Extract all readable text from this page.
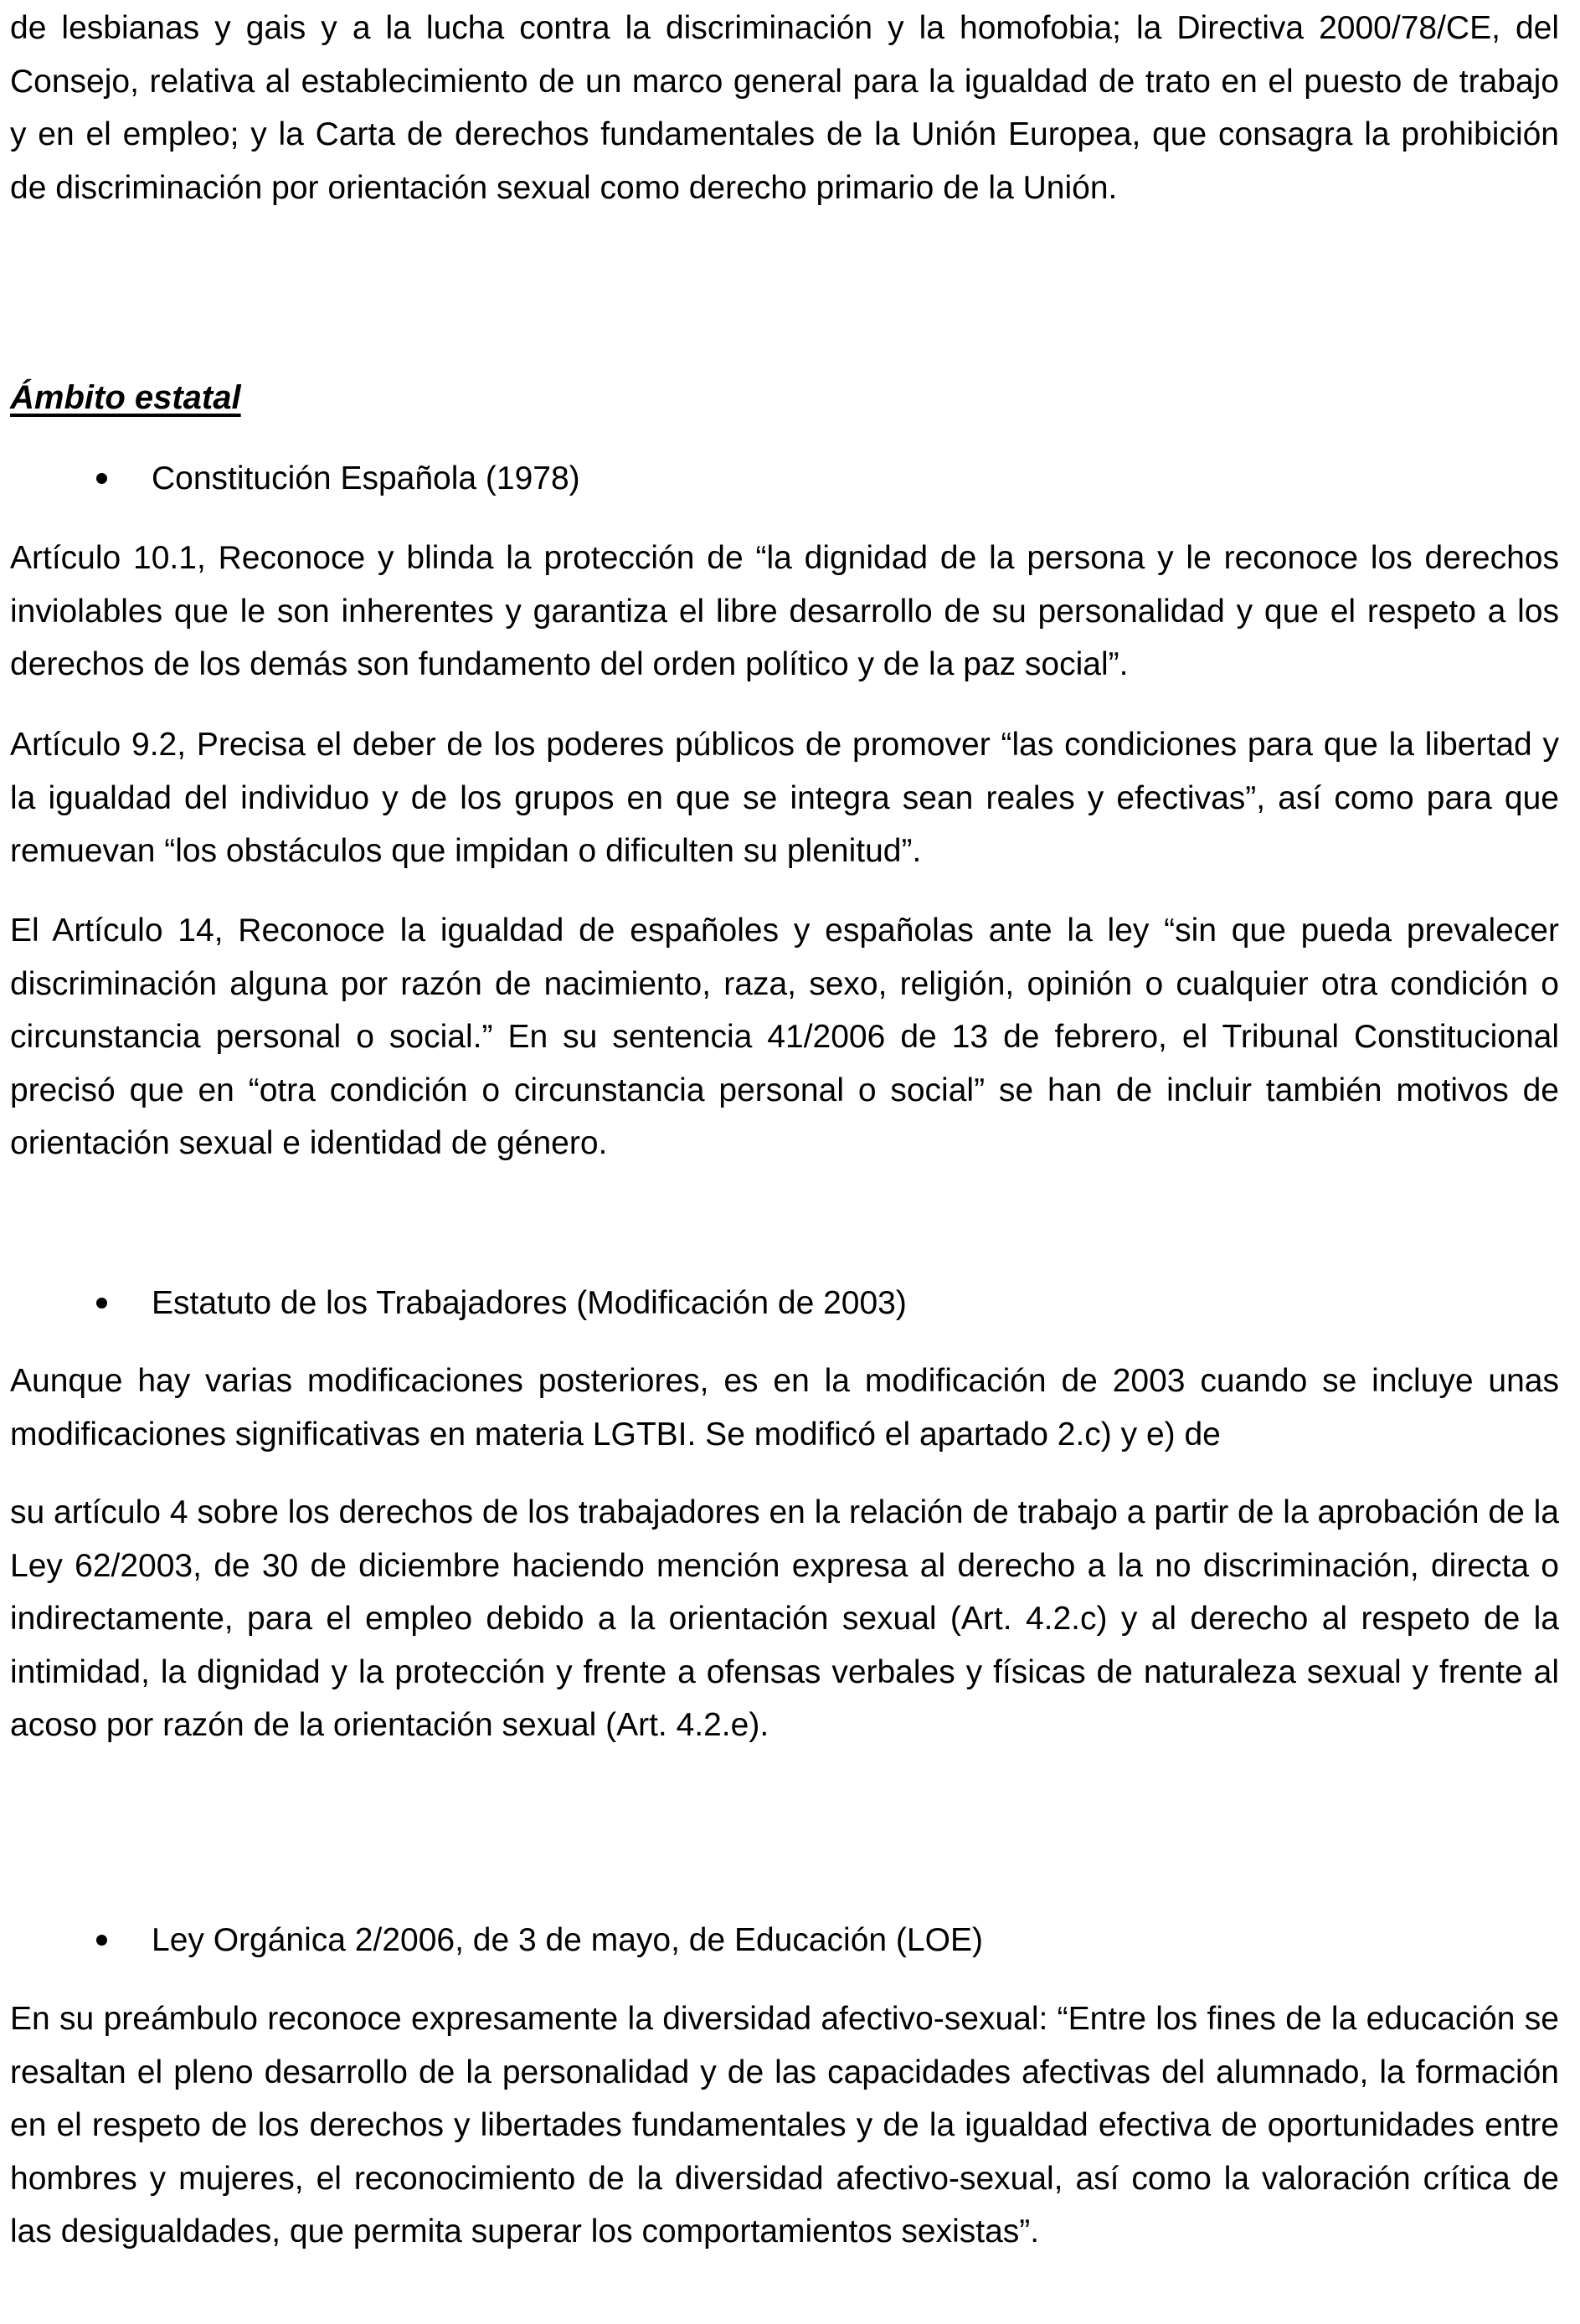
de lesbianas y gais y a la lucha contra la discriminación y la homofobia; la Directiva 2000/78/CE, del Consejo, relativa al establecimiento de un marco general para la igualdad de trato en el puesto de trabajo y en el empleo; y la Carta de derechos fundamentales de la Unión Europea, que consagra la prohibición de discriminación por orientación sexual como derecho primario de la Unión.

Ámbito estatal
Constitución Española (1978)

Artículo 10.1, Reconoce y blinda la protección de “la dignidad de la persona y le reconoce los derechos inviolables que le son inherentes y garantiza el libre desarrollo de su personalidad y que el respeto a los derechos de los demás son fundamento del orden político y de la paz social”.

Artículo 9.2, Precisa el deber de los poderes públicos de promover “las condiciones para que la libertad y la igualdad del individuo y de los grupos en que se integra sean reales y efectivas”, así como para que remuevan “los obstáculos que impidan o dificulten su plenitud”.

El Artículo 14, Reconoce la igualdad de españoles y españolas ante la ley “sin que pueda prevalecer discriminación alguna por razón de nacimiento, raza, sexo, religión, opinión o cualquier otra condición o circunstancia personal o social.” En su sentencia 41/2006 de 13 de febrero, el Tribunal Constitucional precisó que en “otra condición o circunstancia personal o social” se han de incluir también motivos de orientación sexual e identidad de género.

Estatuto de los Trabajadores (Modificación de 2003)

Aunque hay varias modificaciones posteriores, es en la modificación de 2003 cuando se incluye unas modificaciones significativas en materia LGTBI. Se modificó el apartado 2.c) y e) de

su artículo 4 sobre los derechos de los trabajadores en la relación de trabajo a partir de la aprobación de la Ley 62/2003, de 30 de diciembre haciendo mención expresa al derecho a la no discriminación, directa o indirectamente, para el empleo debido a la orientación sexual (Art. 4.2.c) y al derecho al respeto de la intimidad, la dignidad y la protección y frente a ofensas verbales y físicas de naturaleza sexual y frente al acoso por razón de la orientación sexual (Art. 4.2.e).

Ley Orgánica 2/2006, de 3 de mayo, de Educación (LOE)

En su preámbulo reconoce expresamente la diversidad afectivo-sexual: “Entre los fines de la educación se resaltan el pleno desarrollo de la personalidad y de las capacidades afectivas del alumnado, la formación en el respeto de los derechos y libertades fundamentales y de la igualdad efectiva de oportunidades entre hombres y mujeres, el reconocimiento de la diversidad afectivo-sexual, así como la valoración crítica de las desigualdades, que permita superar los comportamientos sexistas”.
